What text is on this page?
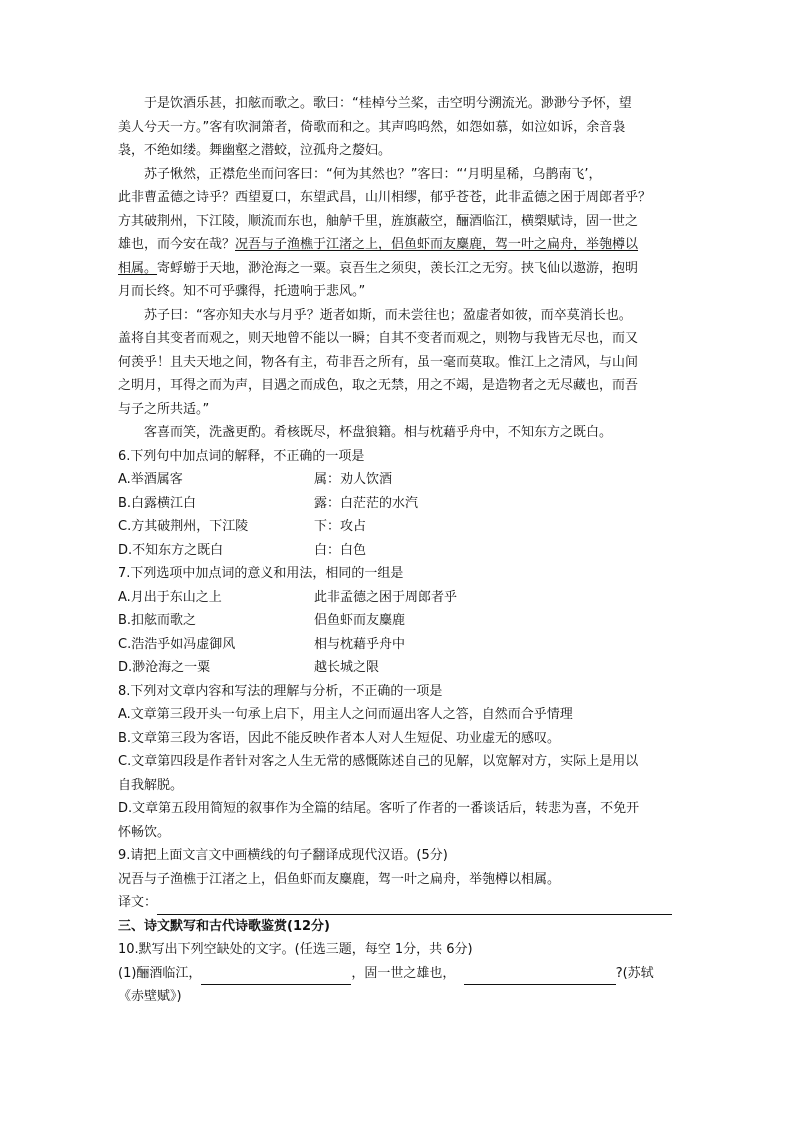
于是饮酒乐甚，扣舷而歌之。歌曰：“桂棹兮兰桨，击空明兮溯流光。渺渺兮予怀，望

美人兮天一方。”客有吹洞箫者，倚歌而和之。其声呜呜然，如怨如慕，如泣如诉，余音袅

袅，不绝如缕。舞幽壑之潜蛟，泣孤舟之嫠妇。

苏子愀然，正襟危坐而问客曰：“何为其然也？”客曰：“‘月明星稀，乌鹊南飞’，

此非曹孟德之诗乎？西望夏口，东望武昌，山川相缪，郁乎苍苍，此非孟德之困于周郎者乎？

方其破荆州，下江陵，顺流而东也，舳舻千里，旌旗蔽空，酾酒临江，横槊赋诗，固一世之

雄也，而今安在哉？况吾与子渔樵于江渚之上，侣鱼虾而友麋鹿，驾一叶之扁舟，举匏樽以

相属。寄蜉蝣于天地，渺沧海之一粟。哀吾生之须臾，羡长江之无穷。挟飞仙以遨游，抱明

月而长终。知不可乎骤得，托遗响于悲风。”

苏子曰：“客亦知夫水与月乎？逝者如斯，而未尝往也；盈虚者如彼，而卒莫消长也。

盖将自其变者而观之，则天地曾不能以一瞬；自其不变者而观之，则物与我皆无尽也，而又

何羡乎！且夫天地之间，物各有主，苟非吾之所有，虽一毫而莫取。惟江上之清风，与山间

之明月，耳得之而为声，目遇之而成色，取之无禁，用之不竭，是造物者之无尽藏也，而吾

与子之所共适。”

客喜而笑，洗盏更酌。肴核既尽，杯盘狼籍。相与枕藉乎舟中，不知东方之既白。

6.下列句中加点词的解释，不正确的一项是

A.举酒属客	属：劝人饮酒
B.白露横江白	露：白茫茫的水汽
C.方其破荆州，下江陵	下：攻占
D.不知东方之既白	白：白色

7.下列选项中加点词的意义和用法，相同的一组是

A.月出于东山之上	此非孟德之困于周郎者乎
B.扣舷而歌之	侣鱼虾而友麋鹿
C.浩浩乎如冯虚御风	相与枕藉乎舟中
D.渺沧海之一粟	越长城之限

8.下列对文章内容和写法的理解与分析，不正确的一项是

A.文章第三段开头一句承上启下，用主人之问而逼出客人之答，自然而合乎情理

B.文章第三段为客语，因此不能反映作者本人对人生短促、功业虚无的感叹。

C.文章第四段是作者针对客之人生无常的感慨陈述自己的见解，以宽解对方，实际上是用以

自我解脱。

D.文章第五段用简短的叙事作为全篇的结尾。客听了作者的一番谈话后，转悲为喜，不免开

怀畅饮。

9.请把上面文言文中画横线的句子翻译成现代汉语。(5分)

况吾与子渔樵于江渚之上，侣鱼虾而友麋鹿，驾一叶之扁舟，举匏樽以相属。

译文：

三、诗文默写和古代诗歌鉴赏(12分)

10.默写出下列空缺处的文字。(任选三题，每空 1分，共 6分)

(1)酾酒临江，	，固一世之雄也，	?(苏轼

《赤壁赋》)
